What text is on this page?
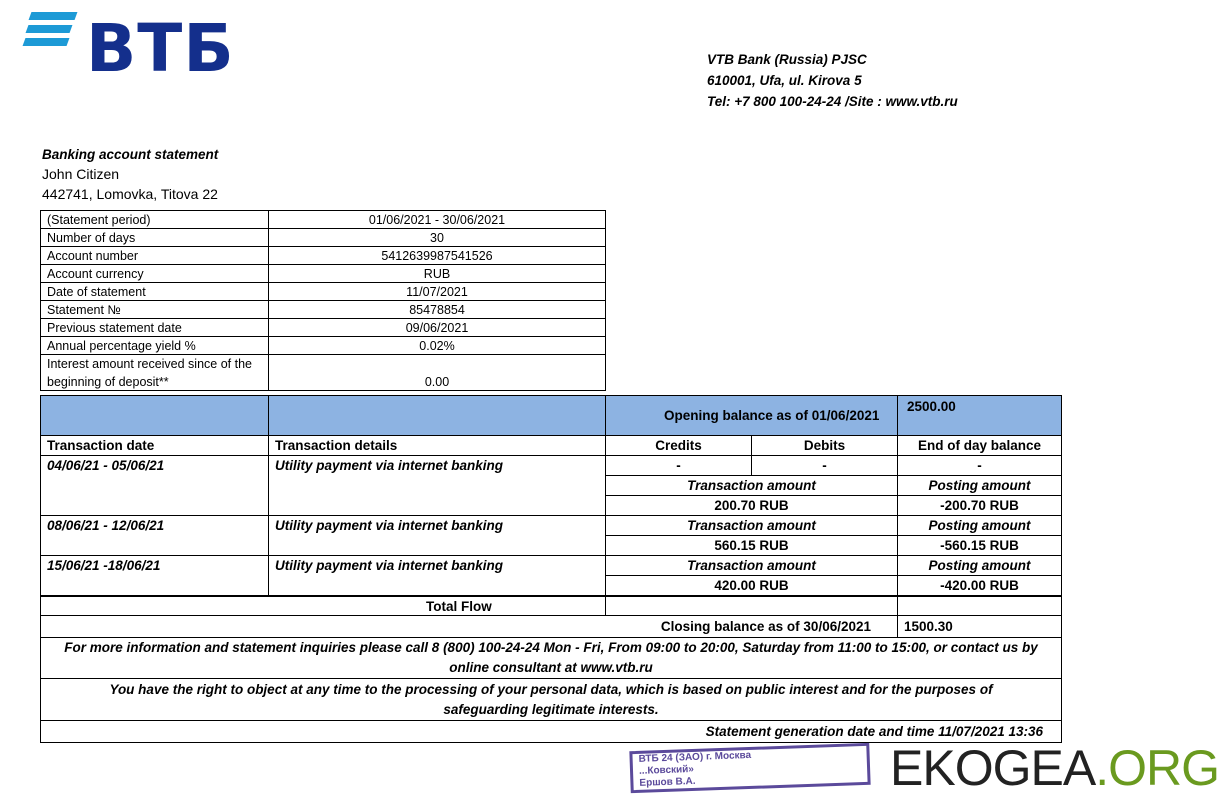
ВТБ	VTB Bank (Russia) PJSC
610001, Ufa, ul. Kirova 5
Tel: +7 800 100-24-24 /Site : www.vtb.ru
Banking account statement
John Citizen
442741, Lomovka, Titova 22
(Statement period)	01/06/2021 - 30/06/2021
Number of days	30
Account number	5412639987541526
Account currency	RUB
Date of statement	11/07/2021
Statement №	85478854
Previous statement date	09/06/2021
Annual percentage yield %	0.02%
Interest amount received since of the beginning of deposit**	0.00
Opening balance as of 01/06/2021
2500.00
Transaction date	Transaction details	Credits	Debits	End of day balance
04/06/21 - 05/06/21	Utility payment via internet banking	-	-	-
Transaction amount	Posting amount
200.70 RUB	-200.70 RUB
08/06/21 - 12/06/21	Utility payment via internet banking	Transaction amount	Posting amount
560.15 RUB	-560.15 RUB
15/06/21 -18/06/21	Utility payment via internet banking	Transaction amount	Posting amount
420.00 RUB	-420.00 RUB
Total Flow
Closing balance as of 30/06/2021	1500.30
For more information and statement inquiries please call 8 (800) 100-24-24 Mon - Fri, From 09:00 to 20:00, Saturday from 11:00 to 15:00, or contact us by online consultant at www.vtb.ru
You have the right to object at any time to the processing of your personal data, which is based on public interest and for the purposes of safeguarding legitimate interests.
Statement generation date and time 11/07/2021 13:36
ВТБ 24 (ЗАО) г. Москва
...Ковский»
Ершов В.А.	EKOGEA.ORG
